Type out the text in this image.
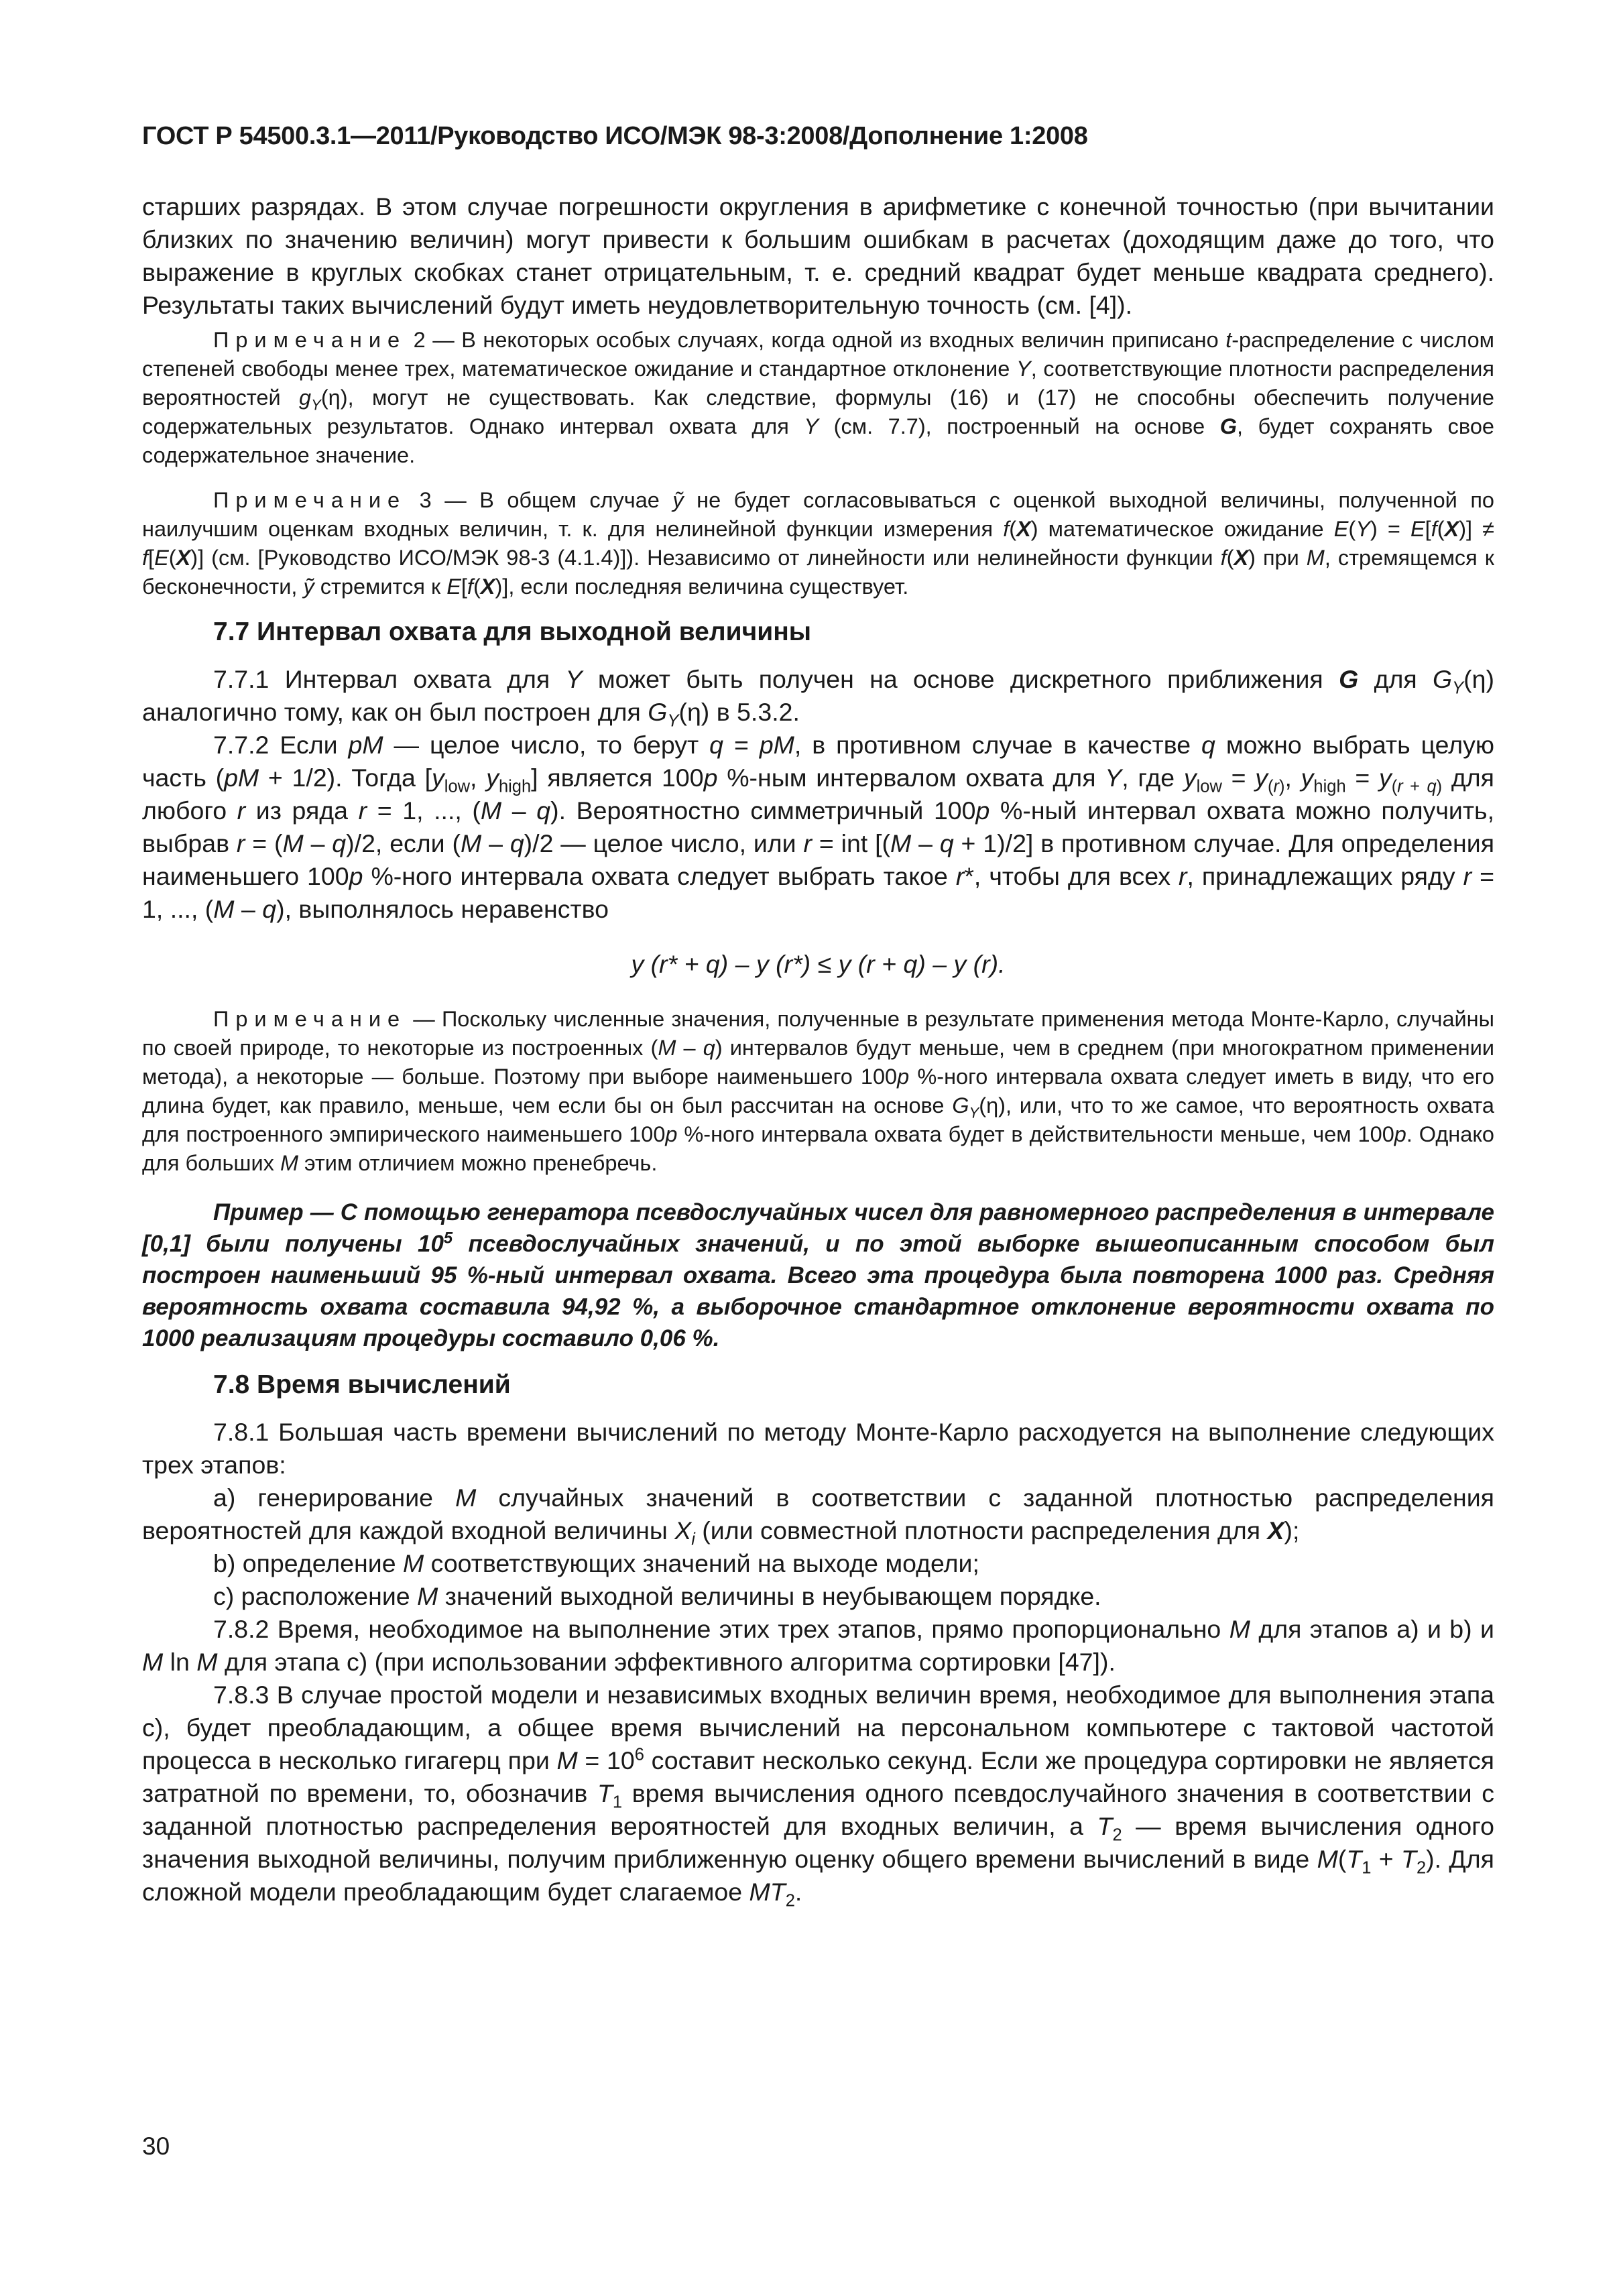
ГОСТ Р 54500.3.1—2011/Руководство ИСО/МЭК 98-3:2008/Дополнение 1:2008

старших разрядах. В этом случае погрешности округления в арифметике с конечной точностью (при вычитании близких по значению величин) могут привести к большим ошибкам в расчетах (доходящим даже до того, что выражение в круглых скобках станет отрицательным, т. е. средний квадрат будет меньше квадрата среднего). Результаты таких вычислений будут иметь неудовлетворительную точность (см. [4]).

Примечание 2 — В некоторых особых случаях, когда одной из входных величин приписано t-распределение с числом степеней свободы менее трех, математическое ожидание и стандартное отклонение Y, соответствующие плотности распределения вероятностей $g_Y(\eta)$, могут не существовать. Как следствие, формулы (16) и (17) не способны обеспечить получение содержательных результатов. Однако интервал охвата для Y (см. 7.7), построенный на основе G, будет сохранять свое содержательное значение.

Примечание 3 — В общем случае ỹ не будет согласовываться с оценкой выходной величины, полученной по наилучшим оценкам входных величин, т. к. для нелинейной функции измерения f(X) математическое ожидание E(Y) = E[f(X)] ≠ f[E(X)] (см. [Руководство ИСО/МЭК 98-3 (4.1.4)]). Независимо от линейности или нелинейности функции f(X) при M, стремящемся к бесконечности, ỹ стремится к E[f(X)], если последняя величина существует.

7.7 Интервал охвата для выходной величины

7.7.1 Интервал охвата для Y может быть получен на основе дискретного приближения G для $G_Y(\eta)$ аналогично тому, как он был построен для $G_Y(\eta)$ в 5.3.2.

7.7.2 Если pM — целое число, то берут q = pM, в противном случае в качестве q можно выбрать целую часть (pM + 1/2). Тогда [$y_{low}$, $y_{high}$] является 100p %-ным интервалом охвата для Y, где $y_{low} = y_{(r)}$, $y_{high} = y_{(r + q)}$ для любого r из ряда r = 1, ..., (M – q). Вероятностно симметричный 100p %-ный интервал охвата можно получить, выбрав r = (M – q)/2, если (M – q)/2 — целое число, или r = int [(M – q + 1)/2] в противном случае. Для определения наименьшего 100p %-ного интервала охвата следует выбрать такое r*, чтобы для всех r, принадлежащих ряду r = 1, ..., (M – q), выполнялось неравенство

y (r* + q) – y (r*) ≤ y (r + q) – y (r).

Примечание — Поскольку численные значения, полученные в результате применения метода Монте-Карло, случайны по своей природе, то некоторые из построенных (M – q) интервалов будут меньше, чем в среднем (при многократном применении метода), а некоторые — больше. Поэтому при выборе наименьшего 100p %-ного интервала охвата следует иметь в виду, что его длина будет, как правило, меньше, чем если бы он был рассчитан на основе $G_Y(\eta)$, или, что то же самое, что вероятность охвата для построенного эмпирического наименьшего 100p %-ного интервала охвата будет в действительности меньше, чем 100p. Однако для больших M этим отличием можно пренебречь.

Пример — С помощью генератора псевдослучайных чисел для равномерного распределения в интервале [0,1] были получены $10^5$ псевдослучайных значений, и по этой выборке вышеописанным способом был построен наименьший 95 %-ный интервал охвата. Всего эта процедура была повторена 1000 раз. Средняя вероятность охвата составила 94,92 %, а выборочное стандартное отклонение вероятности охвата по 1000 реализациям процедуры составило 0,06 %.

7.8 Время вычислений

7.8.1 Большая часть времени вычислений по методу Монте-Карло расходуется на выполнение следующих трех этапов:

a) генерирование M случайных значений в соответствии с заданной плотностью распределения вероятностей для каждой входной величины $X_i$ (или совместной плотности распределения для X);

b) определение M соответствующих значений на выходе модели;

c) расположение M значений выходной величины в неубывающем порядке.

7.8.2 Время, необходимое на выполнение этих трех этапов, прямо пропорционально M для этапов a) и b) и M ln M для этапа c) (при использовании эффективного алгоритма сортировки [47]).

7.8.3 В случае простой модели и независимых входных величин время, необходимое для выполнения этапа c), будет преобладающим, а общее время вычислений на персональном компьютере с тактовой частотой процесса в несколько гигагерц при $M = 10^6$ составит несколько секунд. Если же процедура сортировки не является затратной по времени, то, обозначив $T_1$ время вычисления одного псевдослучайного значения в соответствии с заданной плотностью распределения вероятностей для входных величин, а $T_2$ — время вычисления одного значения выходной величины, получим приближенную оценку общего времени вычислений в виде $M(T_1 + T_2)$. Для сложной модели преобладающим будет слагаемое $MT_2$.

30
